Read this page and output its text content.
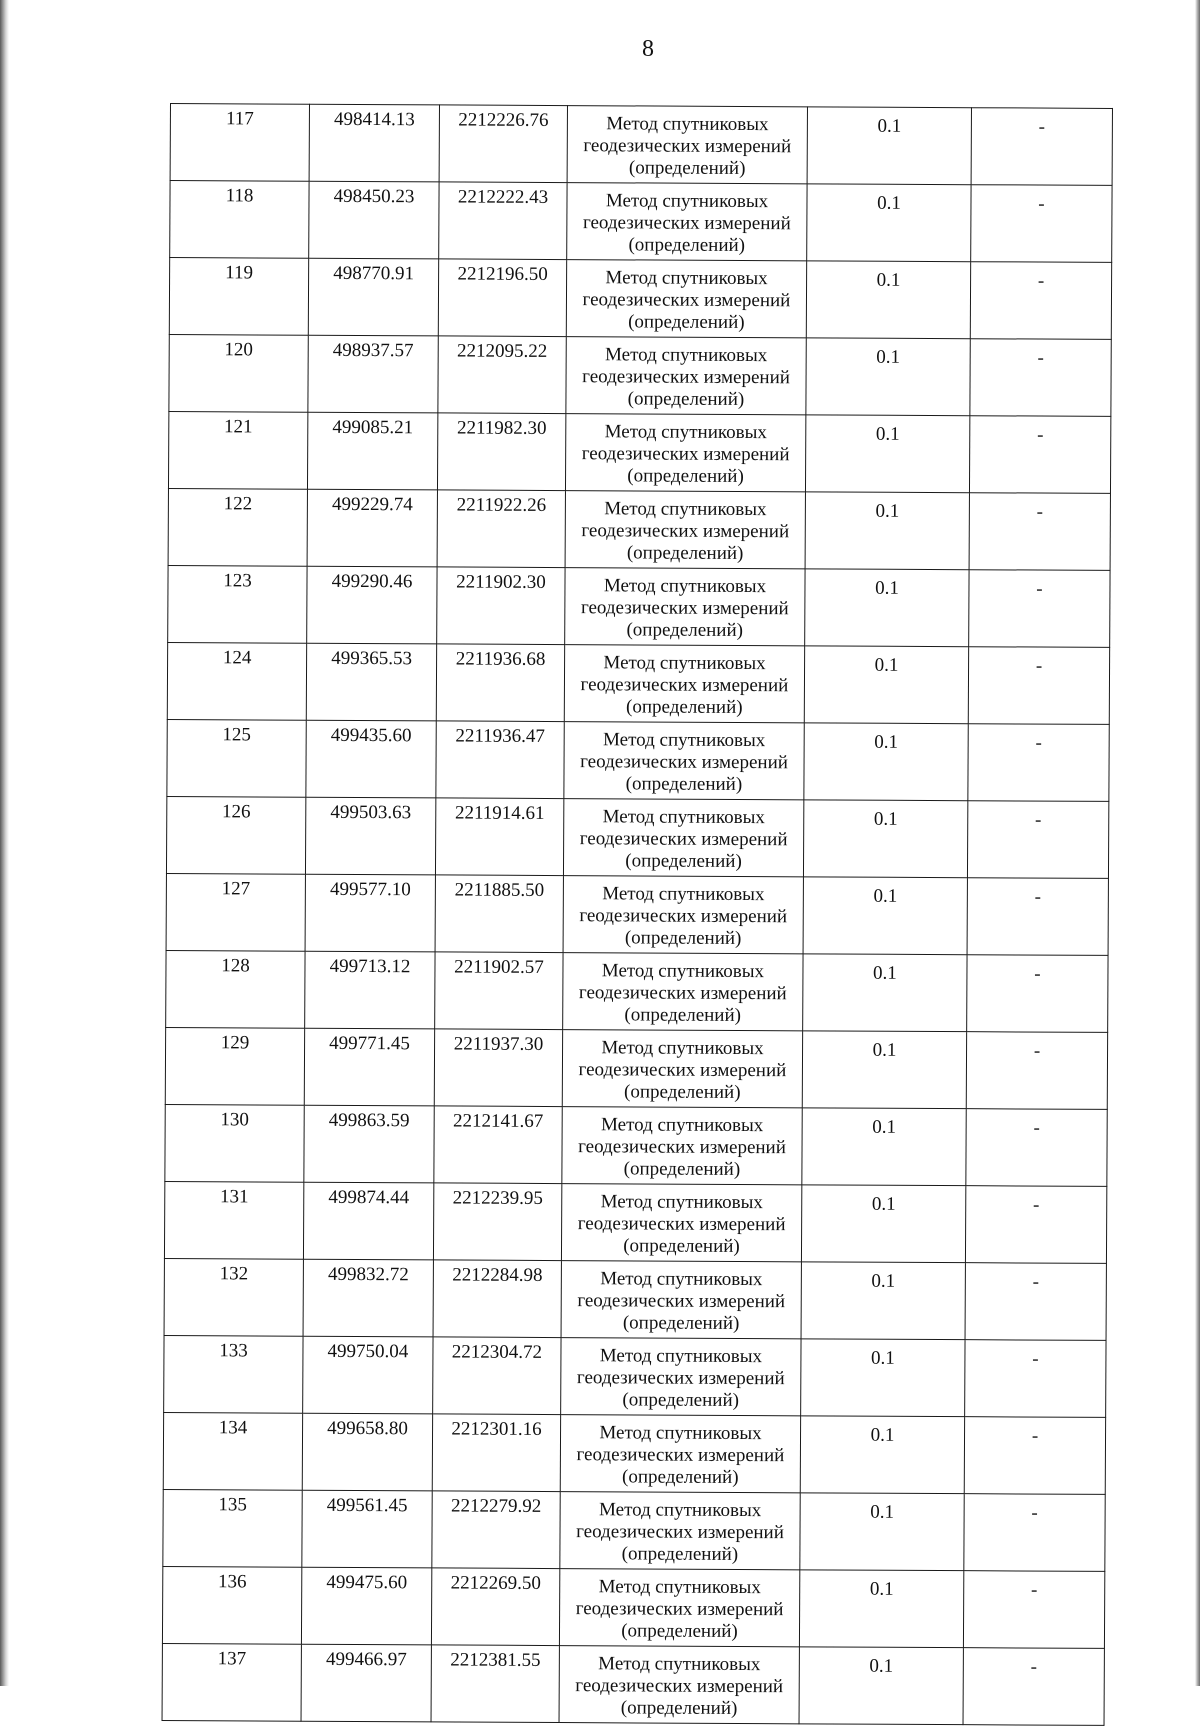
8
117	498414.13	2212226.76	Метод спутниковых геодезических измерений (определений)	0.1	-
118	498450.23	2212222.43	Метод спутниковых геодезических измерений (определений)	0.1	-
119	498770.91	2212196.50	Метод спутниковых геодезических измерений (определений)	0.1	-
120	498937.57	2212095.22	Метод спутниковых геодезических измерений (определений)	0.1	-
121	499085.21	2211982.30	Метод спутниковых геодезических измерений (определений)	0.1	-
122	499229.74	2211922.26	Метод спутниковых геодезических измерений (определений)	0.1	-
123	499290.46	2211902.30	Метод спутниковых геодезических измерений (определений)	0.1	-
124	499365.53	2211936.68	Метод спутниковых геодезических измерений (определений)	0.1	-
125	499435.60	2211936.47	Метод спутниковых геодезических измерений (определений)	0.1	-
126	499503.63	2211914.61	Метод спутниковых геодезических измерений (определений)	0.1	-
127	499577.10	2211885.50	Метод спутниковых геодезических измерений (определений)	0.1	-
128	499713.12	2211902.57	Метод спутниковых геодезических измерений (определений)	0.1	-
129	499771.45	2211937.30	Метод спутниковых геодезических измерений (определений)	0.1	-
130	499863.59	2212141.67	Метод спутниковых геодезических измерений (определений)	0.1	-
131	499874.44	2212239.95	Метод спутниковых геодезических измерений (определений)	0.1	-
132	499832.72	2212284.98	Метод спутниковых геодезических измерений (определений)	0.1	-
133	499750.04	2212304.72	Метод спутниковых геодезических измерений (определений)	0.1	-
134	499658.80	2212301.16	Метод спутниковых геодезических измерений (определений)	0.1	-
135	499561.45	2212279.92	Метод спутниковых геодезических измерений (определений)	0.1	-
136	499475.60	2212269.50	Метод спутниковых геодезических измерений (определений)	0.1	-
137	499466.97	2212381.55	Метод спутниковых геодезических измерений (определений)	0.1	-
